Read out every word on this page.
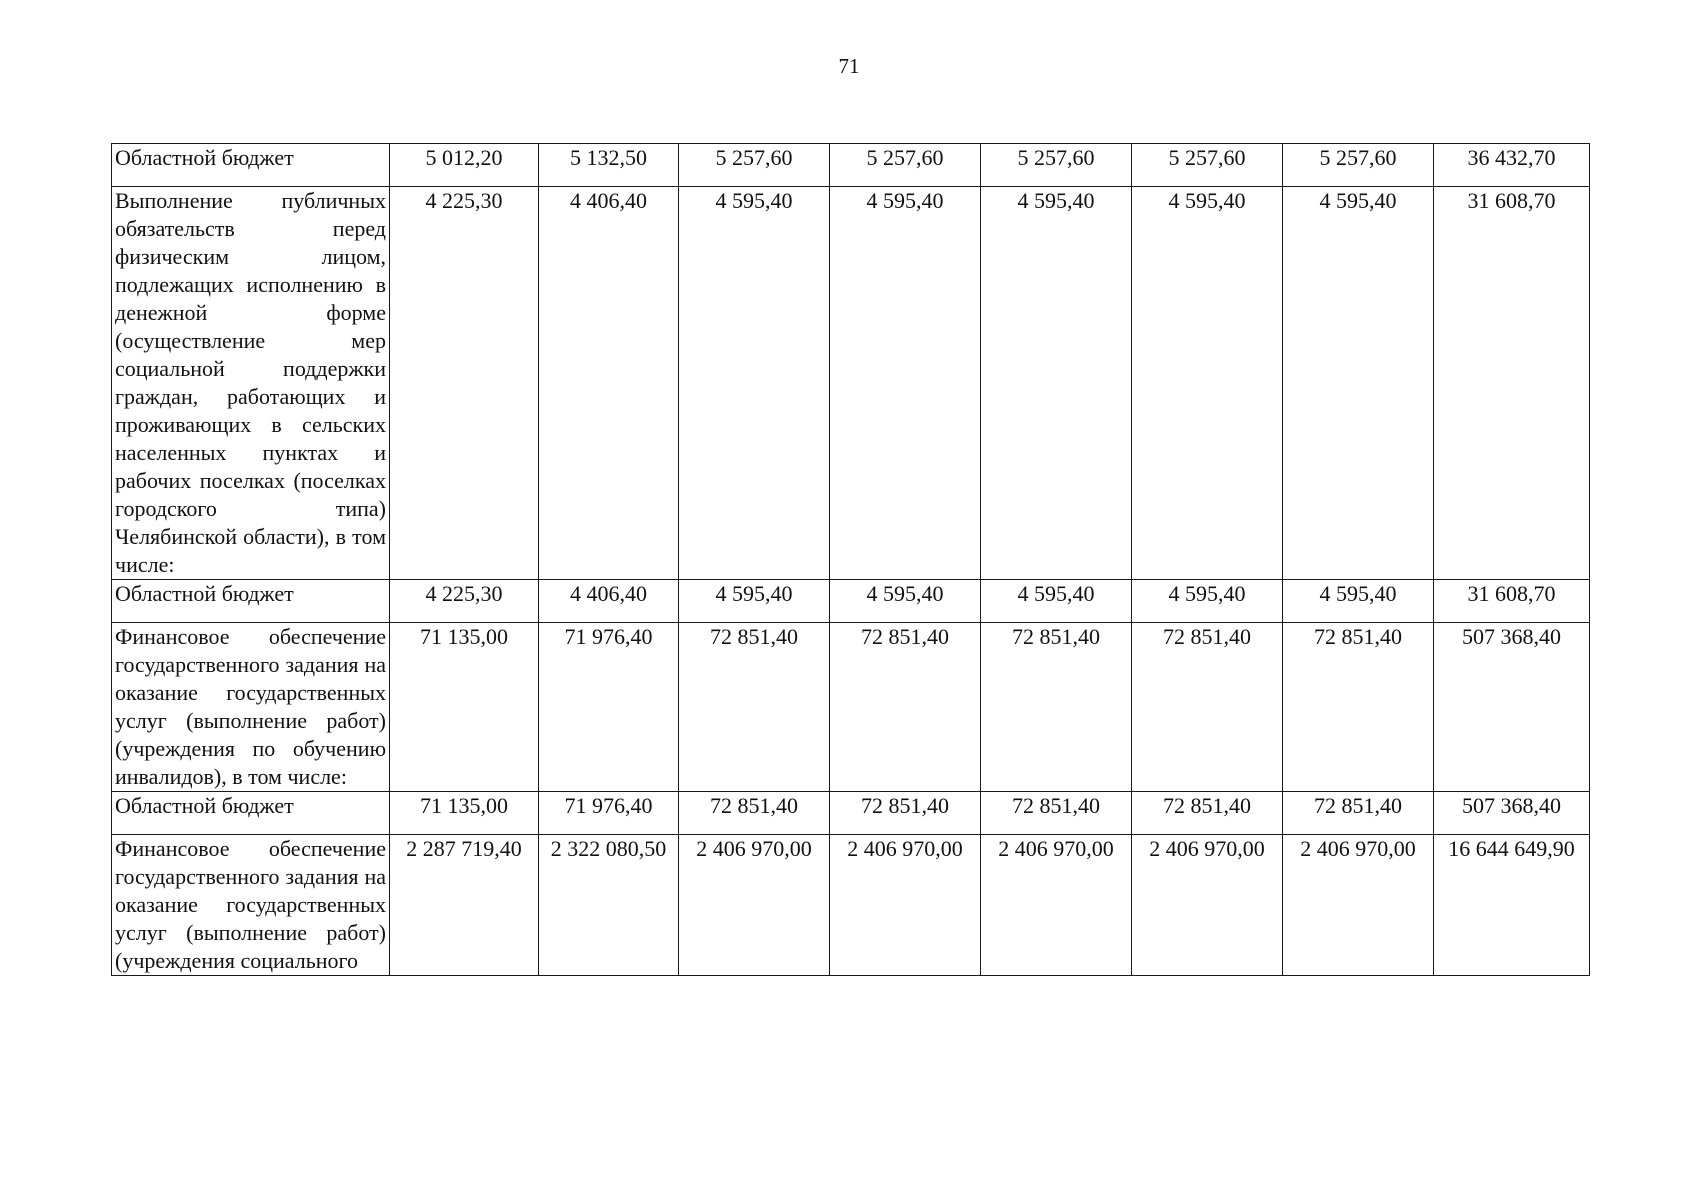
71
Областной бюджет	5 012,20	5 132,50	5 257,60	5 257,60	5 257,60	5 257,60	5 257,60	36 432,70
Выполнение публичных обязательств перед физическим лицом, подлежащих исполнению в денежной форме (осуществление мер социальной поддержки граждан, работающих и проживающих в сельских населенных пунктах и рабочих поселках (поселках городского типа) Челябинской области), в том числе:	4 225,30	4 406,40	4 595,40	4 595,40	4 595,40	4 595,40	4 595,40	31 608,70
Областной бюджет	4 225,30	4 406,40	4 595,40	4 595,40	4 595,40	4 595,40	4 595,40	31 608,70
Финансовое обеспечение государственного задания на оказание государственных услуг (выполнение работ) (учреждения по обучению инвалидов), в том числе:	71 135,00	71 976,40	72 851,40	72 851,40	72 851,40	72 851,40	72 851,40	507 368,40
Областной бюджет	71 135,00	71 976,40	72 851,40	72 851,40	72 851,40	72 851,40	72 851,40	507 368,40
Финансовое обеспечение государственного задания на оказание государственных услуг (выполнение работ) (учреждения социального	2 287 719,40	2 322 080,50	2 406 970,00	2 406 970,00	2 406 970,00	2 406 970,00	2 406 970,00	16 644 649,90
